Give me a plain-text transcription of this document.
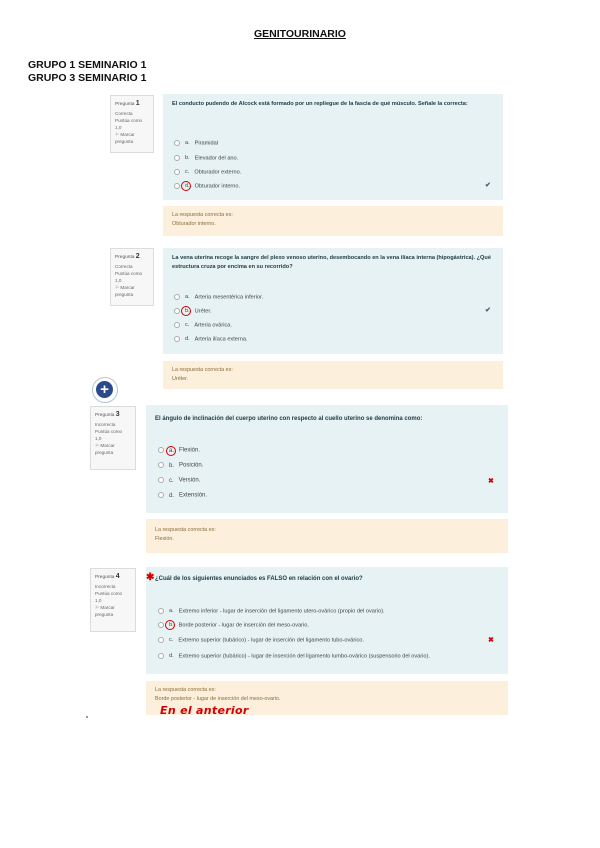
GENITOURINARIO
GRUPO 1 SEMINARIO 1
GRUPO 3 SEMINARIO 1
Pregunta 1
Correcta
Puntúa como
1,0
⚐ Marcar pregunta
El conducto pudendo de Alcock está formado por un repliegue de la fascia de qué músculo. Señale la correcta:
a. Piramidal
b. Elevador del ano.
c. Obturador externo.
d. Obturador interno.	✔
La respuesta correcta es:
Obturador interno.
Pregunta 2
Correcta
Puntúa como
1,0
⚐ Marcar pregunta
La vena uterina recoge la sangre del plexo venoso uterino, desembocando en la vena ilíaca interna (hipogástrica). ¿Qué estructura cruza por encima en su recorrido?
a. Arteria mesentérica inferior.
b. Uréter.
c. Arteria ovárica.
d. Arteria ilíaca externa.
✔
La respuesta correcta es:
Uréter.
+
Pregunta 3
Incorrecta
Puntúa como
1,0
⚐ Marcar pregunta
El ángulo de inclinación del cuerpo uterino con respecto al cuello uterino se denomina como:
a. Flexión.
b. Posición.
c. Versión.
d. Extensión.
✖
La respuesta correcta es:
Flexión.
Pregunta 4
Incorrecta
Puntúa como
1,0
⚐ Marcar pregunta
¿Cuál de los siguientes enunciados es FALSO en relación con el ovario?
✱
a. Extremo inferior - lugar de inserción del ligamento utero-ovárico (propio del ovario).
b. Borde posterior - lugar de inserción del meso-ovario.
c. Extremo superior (tubárico) - lugar de inserción del ligamento tubo-ovárico.
d. Extremo superior (tubárico) - lugar de inserción del ligamento lumbo-ovárico (suspensorio del ovario).
✖
La respuesta correcta es:
Borde posterior - lugar de inserción del meso-ovario.
En el anterior
